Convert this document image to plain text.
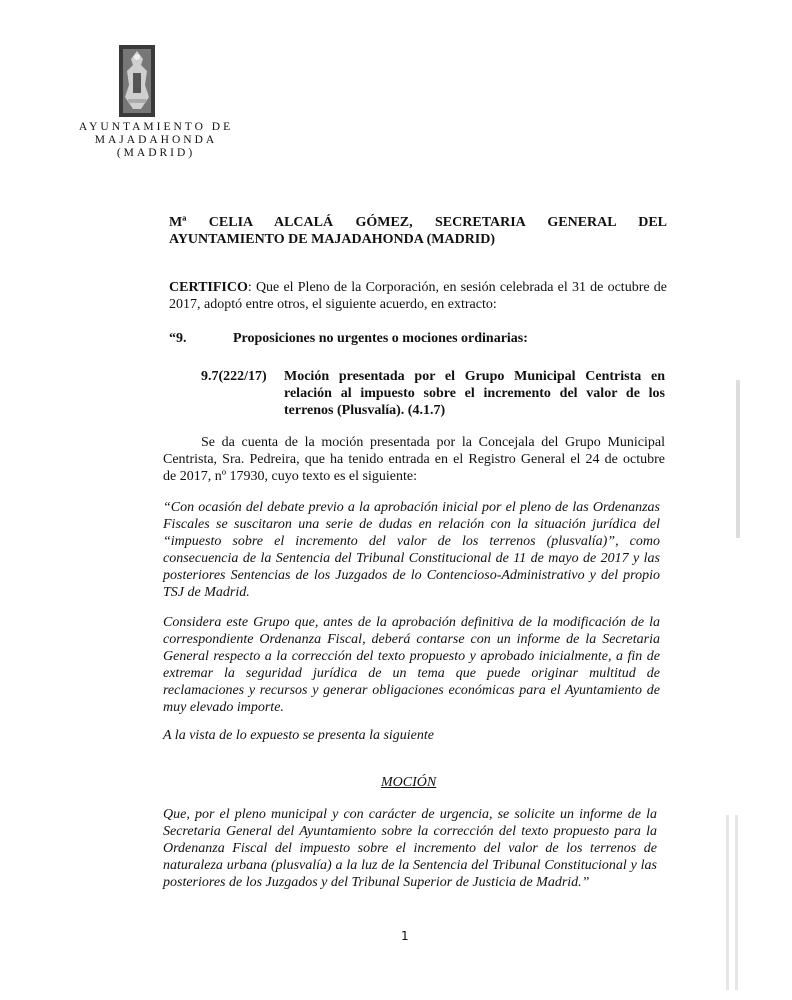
AYUNTAMIENTO DE
MAJADAHONDA
(MADRID)
Mª CELIA ALCALÁ GÓMEZ, SECRETARIA GENERAL DEL
AYUNTAMIENTO DE MAJADAHONDA (MADRID)
CERTIFICO: Que el Pleno de la Corporación, en sesión celebrada el 31 de octubre de
2017, adoptó entre otros, el siguiente acuerdo, en extracto:
“9.	Proposiciones no urgentes o mociones ordinarias:
9.7(222/17) Moción presentada por el Grupo Municipal Centrista en
relación al impuesto sobre el incremento del valor de los
terrenos (Plusvalía). (4.1.7)
Se da cuenta de la moción presentada por la Concejala del Grupo Municipal
Centrista, Sra. Pedreira, que ha tenido entrada en el Registro General el 24 de octubre
de 2017, nº 17930, cuyo texto es el siguiente:
“Con ocasión del debate previo a la aprobación inicial por el pleno de las Ordenanzas
Fiscales se suscitaron una serie de dudas en relación con la situación jurídica del
“impuesto sobre el incremento del valor de los terrenos (plusvalía)”, como
consecuencia de la Sentencia del Tribunal Constitucional de 11 de mayo de 2017 y las
posteriores Sentencias de los Juzgados de lo Contencioso-Administrativo y del propio
TSJ de Madrid.
Considera este Grupo que, antes de la aprobación definitiva de la modificación de la
correspondiente Ordenanza Fiscal, deberá contarse con un informe de la Secretaria
General respecto a la corrección del texto propuesto y aprobado inicialmente, a fin de
extremar la seguridad jurídica de un tema que puede originar multitud de
reclamaciones y recursos y generar obligaciones económicas para el Ayuntamiento de
muy elevado importe.
A la vista de lo expuesto se presenta la siguiente
MOCIÓN
Que, por el pleno municipal y con carácter de urgencia, se solicite un informe de la
Secretaria General del Ayuntamiento sobre la corrección del texto propuesto para la
Ordenanza Fiscal del impuesto sobre el incremento del valor de los terrenos de
naturaleza urbana (plusvalía) a la luz de la Sentencia del Tribunal Constitucional y las
posteriores de los Juzgados y del Tribunal Superior de Justicia de Madrid.”
1
